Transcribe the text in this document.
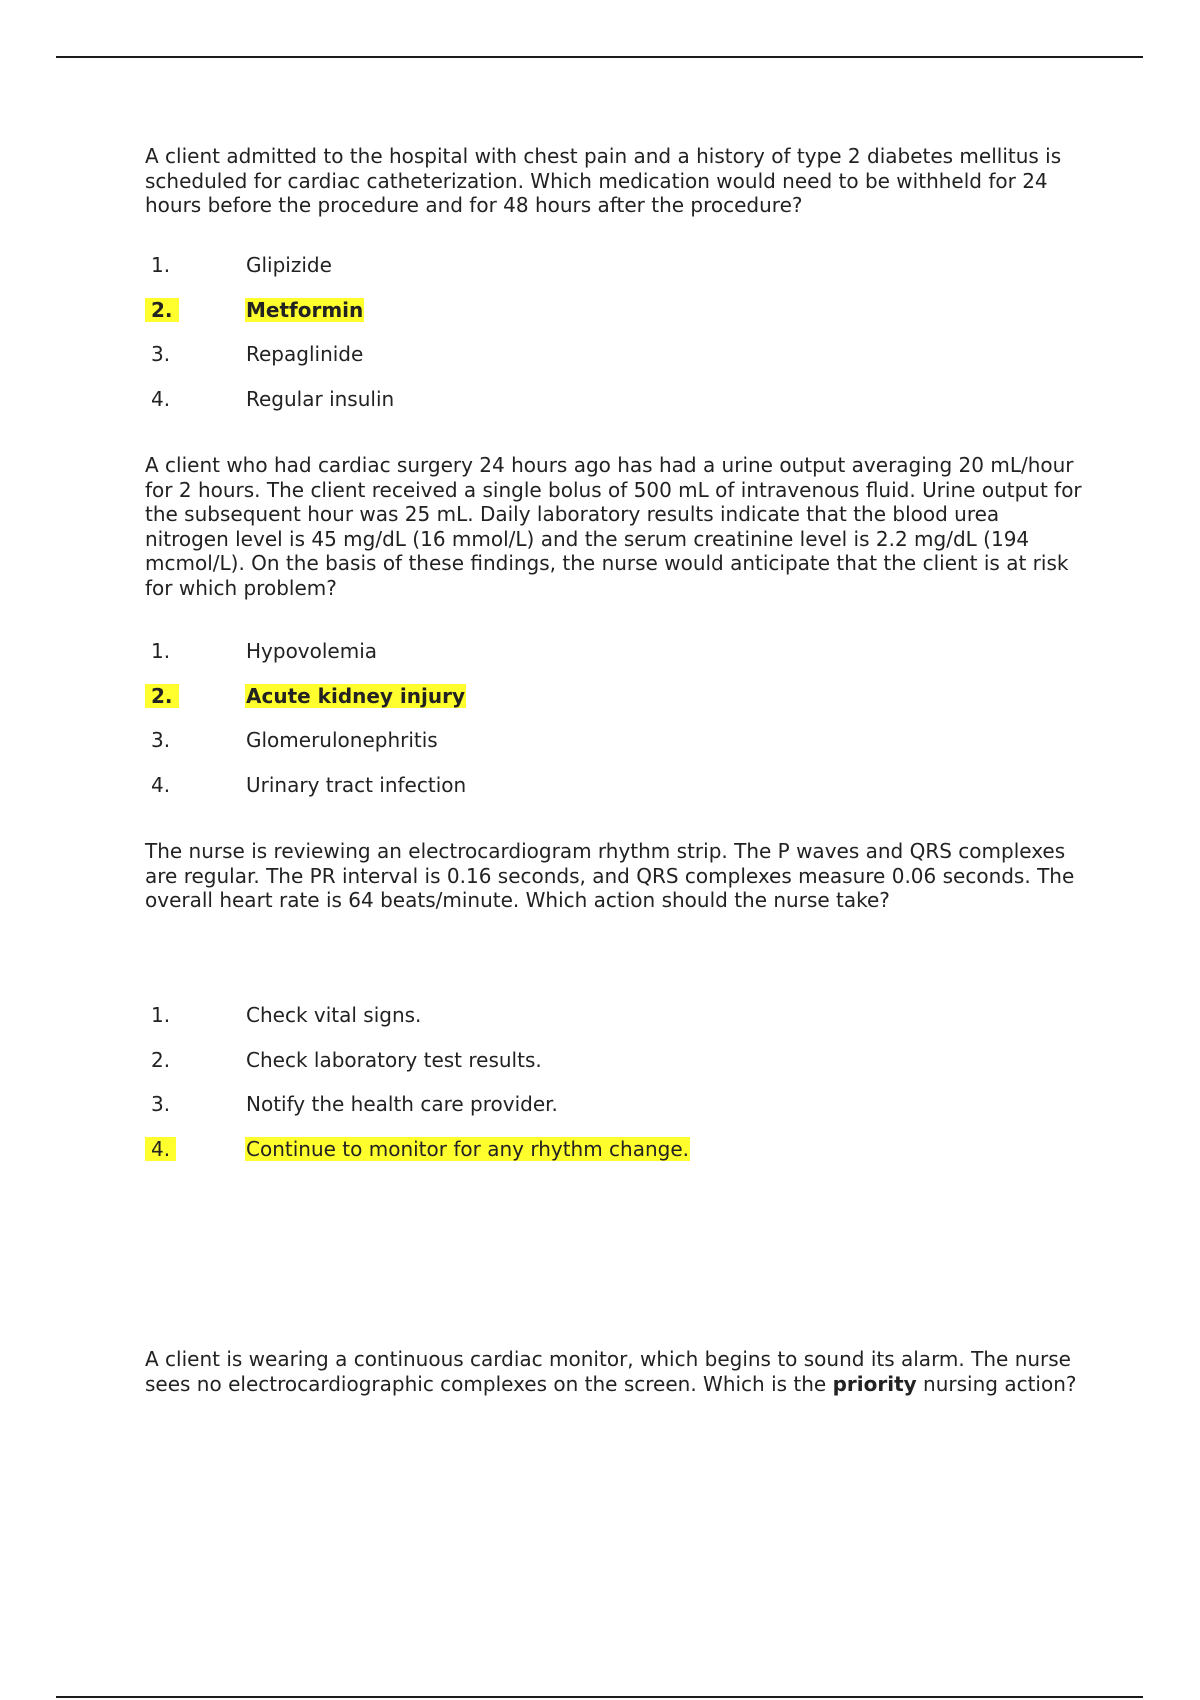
A client admitted to the hospital with chest pain and a history of type 2 diabetes mellitus is scheduled for cardiac catheterization. Which medication would need to be withheld for 24 hours before the procedure and for 48 hours after the procedure?

1.	Glipizide
2.	Metformin
3.	Repaglinide
4.	Regular insulin

A client who had cardiac surgery 24 hours ago has had a urine output averaging 20 mL/hour for 2 hours. The client received a single bolus of 500 mL of intravenous fluid. Urine output for the subsequent hour was 25 mL. Daily laboratory results indicate that the blood urea nitrogen level is 45 mg/dL (16 mmol/L) and the serum creatinine level is 2.2 mg/dL (194 mcmol/L). On the basis of these findings, the nurse would anticipate that the client is at risk for which problem?

1.	Hypovolemia
2.	Acute kidney injury
3.	Glomerulonephritis
4.	Urinary tract infection

The nurse is reviewing an electrocardiogram rhythm strip. The P waves and QRS complexes are regular. The PR interval is 0.16 seconds, and QRS complexes measure 0.06 seconds. The overall heart rate is 64 beats/minute. Which action should the nurse take?

1.	Check vital signs.
2.	Check laboratory test results.
3.	Notify the health care provider.
4.	Continue to monitor for any rhythm change.

A client is wearing a continuous cardiac monitor, which begins to sound its alarm. The nurse sees no electrocardiographic complexes on the screen. Which is the priority nursing action?
